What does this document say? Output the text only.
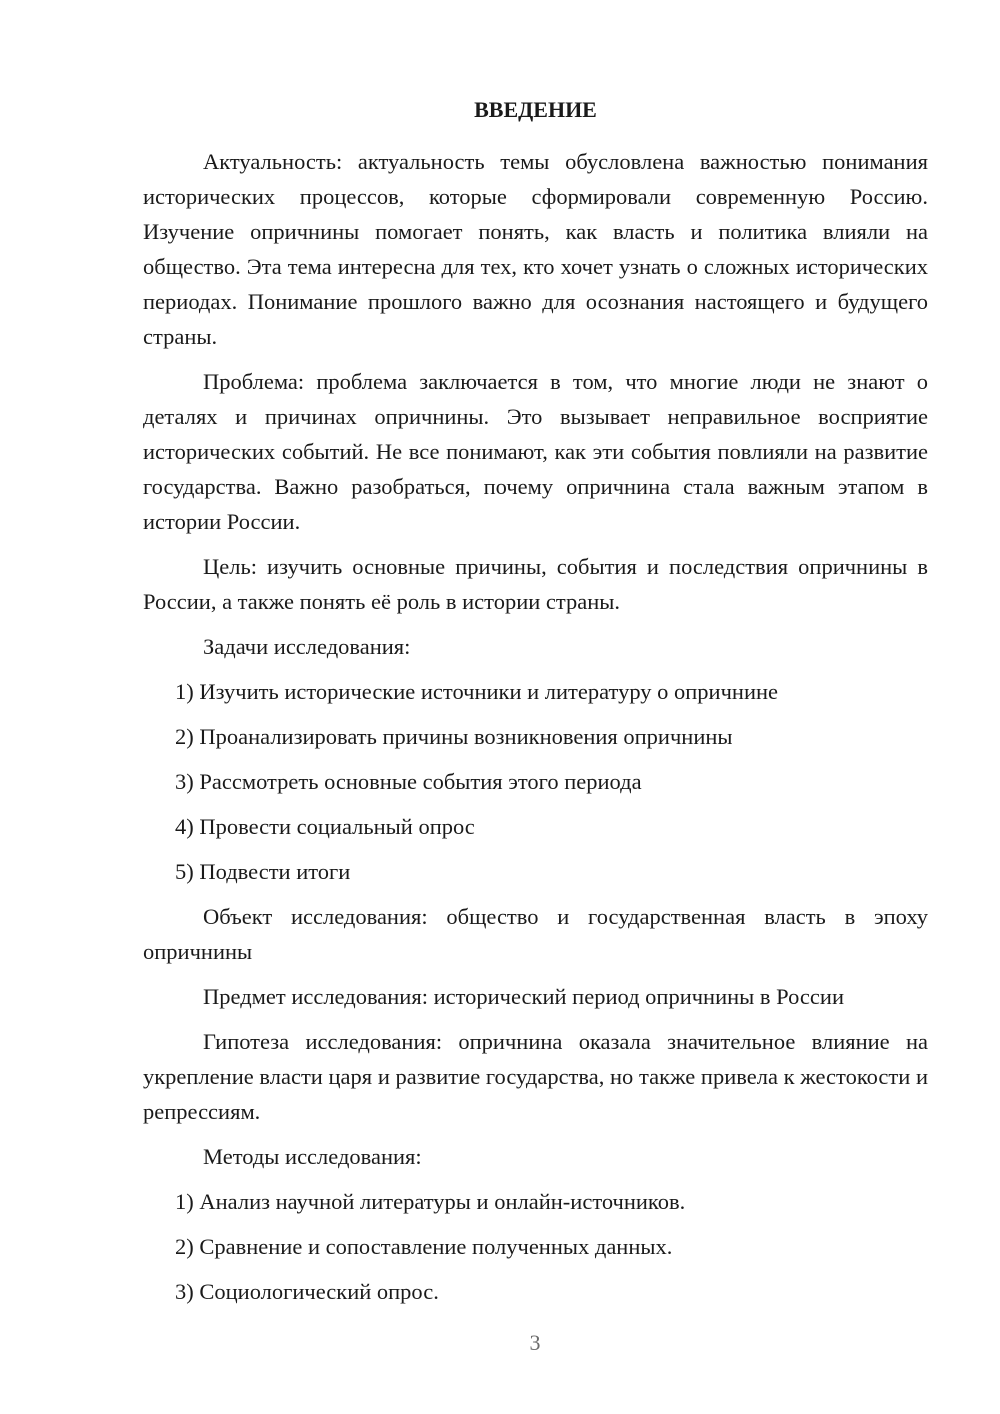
ВВЕДЕНИЕ

Актуальность: актуальность темы обусловлена важностью понимания исторических процессов, которые сформировали современную Россию. Изучение опричнины помогает понять, как власть и политика влияли на общество. Эта тема интересна для тех, кто хочет узнать о сложных исторических периодах. Понимание прошлого важно для осознания настоящего и будущего страны.

Проблема: проблема заключается в том, что многие люди не знают о деталях и причинах опричнины. Это вызывает неправильное восприятие исторических событий. Не все понимают, как эти события повлияли на развитие государства. Важно разобраться, почему опричнина стала важным этапом в истории России.

Цель: изучить основные причины, события и последствия опричнины в России, а также понять её роль в истории страны.

Задачи исследования:

1) Изучить исторические источники и литературу о опричнине

2) Проанализировать причины возникновения опричнины

3) Рассмотреть основные события этого периода

4) Провести социальный опрос

5) Подвести итоги

Объект исследования: общество и государственная власть в эпоху опричнины

Предмет исследования: исторический период опричнины в России

Гипотеза исследования: опричнина оказала значительное влияние на укрепление власти царя и развитие государства, но также привела к жестокости и репрессиям.

Методы исследования:

1) Анализ научной литературы и онлайн-источников.

2) Сравнение и сопоставление полученных данных.

3) Социологический опрос.

3
